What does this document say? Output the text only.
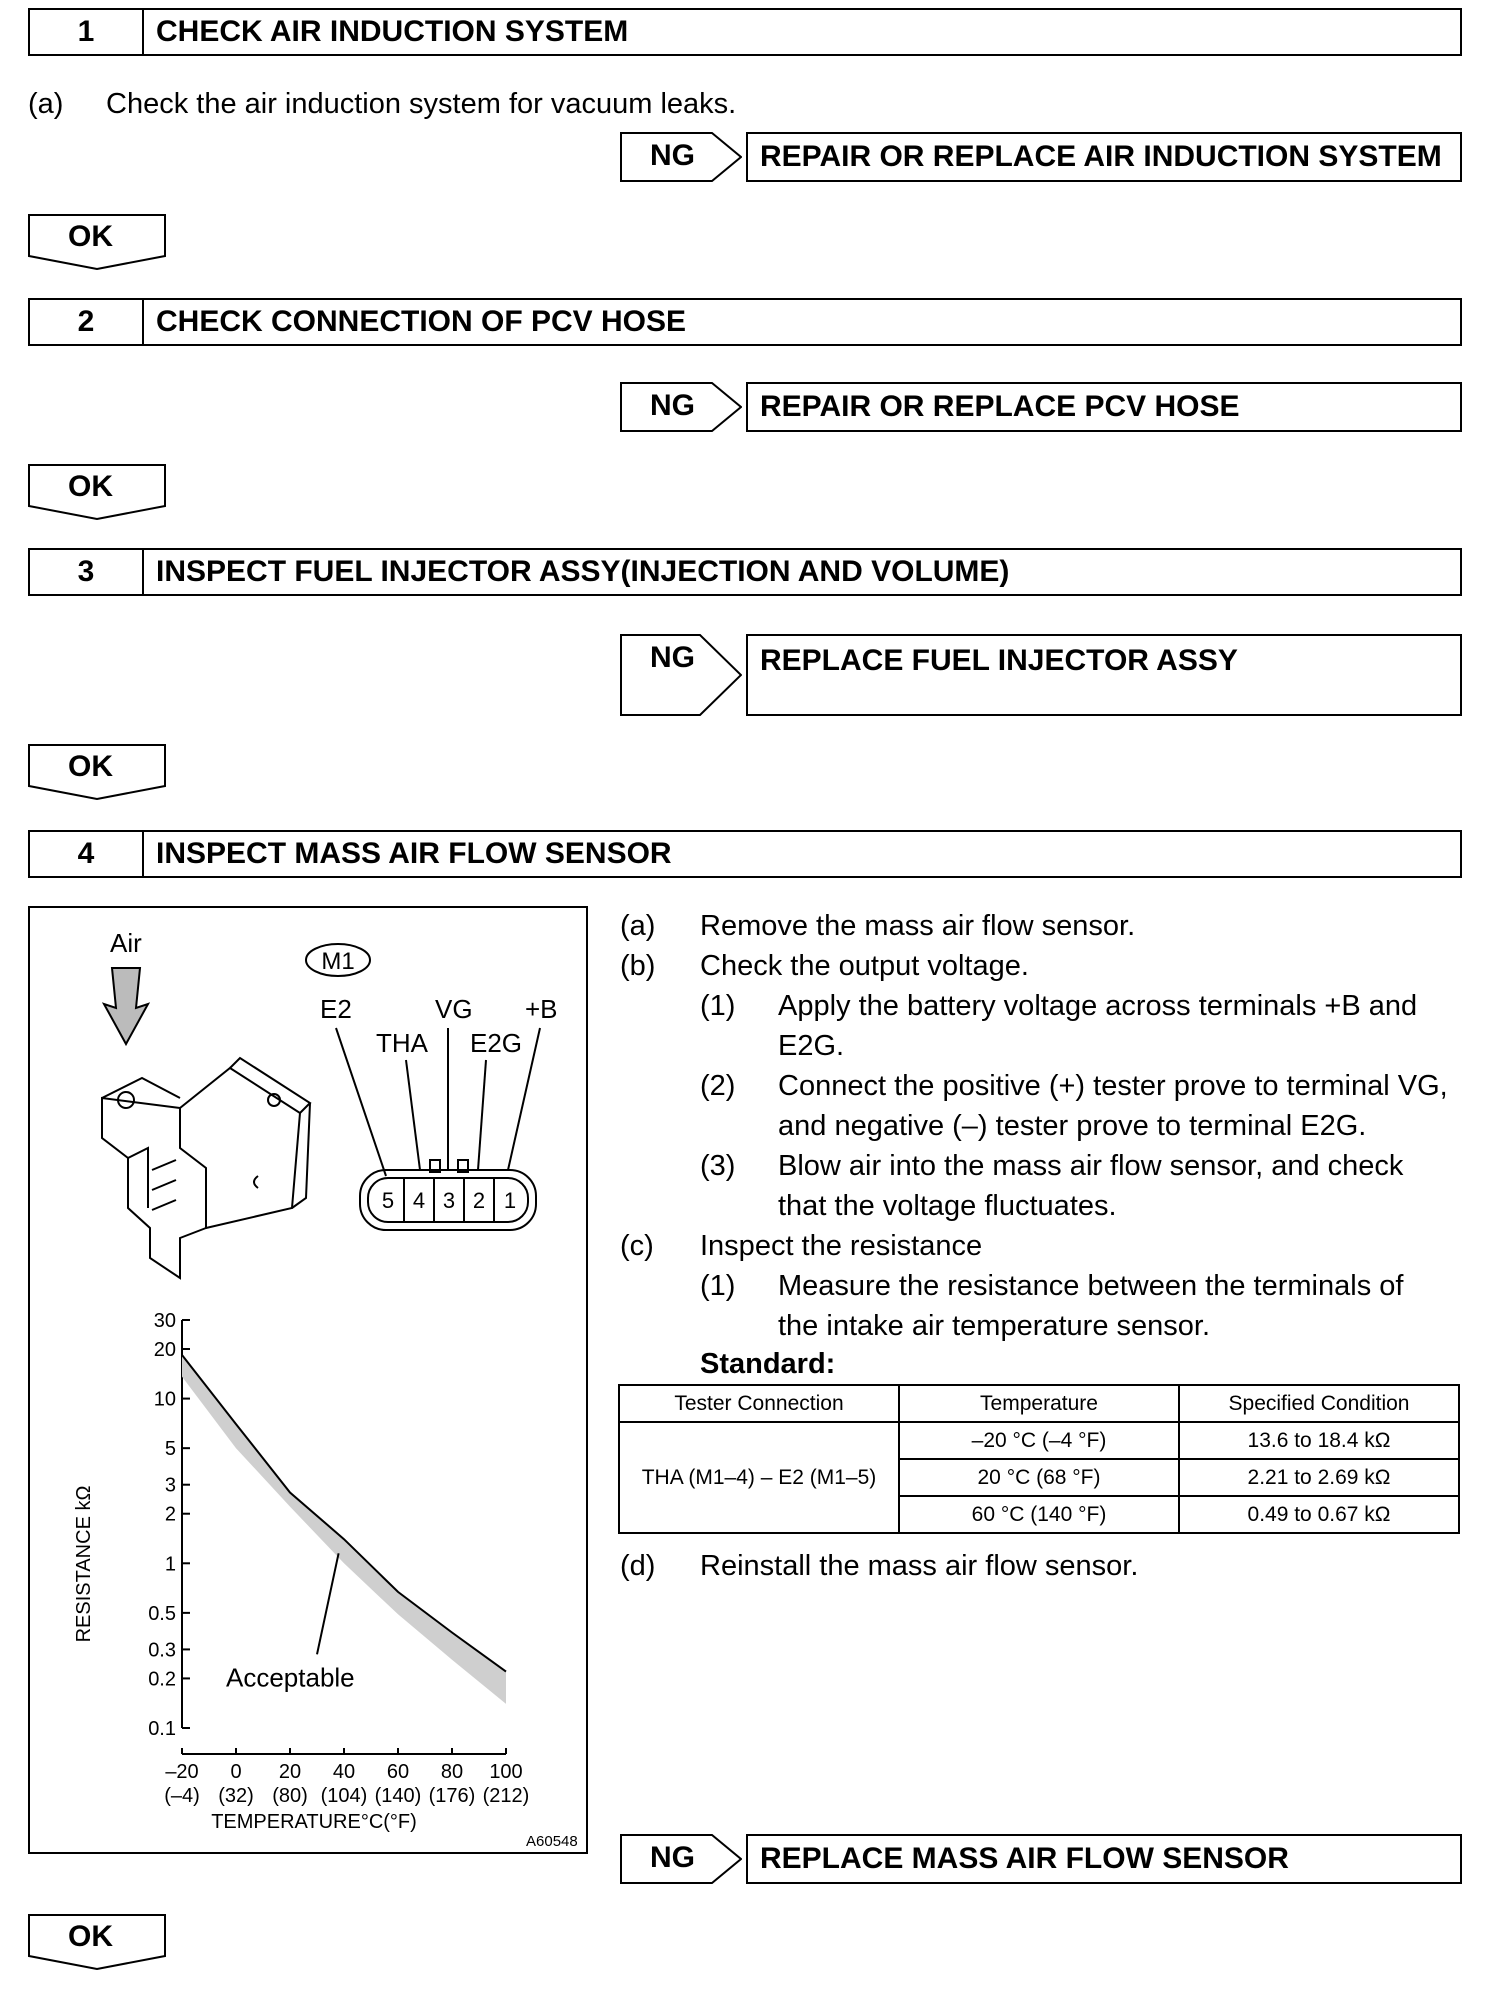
1	CHECK AIR INDUCTION SYSTEM
(a) Check the air induction system for vacuum leaks.
NG	REPAIR OR REPLACE AIR INDUCTION SYSTEM
OK
2	CHECK CONNECTION OF PCV HOSE
NG	REPAIR OR REPLACE PCV HOSE
OK
3	INSPECT FUEL INJECTOR ASSY(INJECTION AND VOLUME)
NG	REPLACE FUEL INJECTOR ASSY
OK
4	INSPECT MASS AIR FLOW SENSOR
Air
M1
E2	VG +B
THA E2G
5 4 3 2 1
30
20
10
5
3
2
1
0.5
0.3
0.2
0.1
–20
(–4)
0
(32)
20
(80)
40
(104)
60
(140)
80
(176)
100
(212)
Acceptable
RESISTANCE kΩ
TEMPERATURE°C(°F)
A60548
(a) Remove the mass air flow sensor.
(b) Check the output voltage.
(1) Apply the battery voltage across terminals +B and
E2G.
(2) Connect the positive (+) tester prove to terminal VG,
and negative (–) tester prove to terminal E2G.
(3) Blow air into the mass air flow sensor, and check
that the voltage fluctuates.
(c) Inspect the resistance
(1) Measure the resistance between the terminals of
the intake air temperature sensor.
Standard:
Tester Connection	Temperature	Specified Condition
THA (M1–4) – E2 (M1–5)	–20 °C (–4 °F)	13.6 to 18.4 kΩ
	20 °C (68 °F)	2.21 to 2.69 kΩ
	60 °C (140 °F)	0.49 to 0.67 kΩ
(d) Reinstall the mass air flow sensor.
NG	REPLACE MASS AIR FLOW SENSOR
OK
